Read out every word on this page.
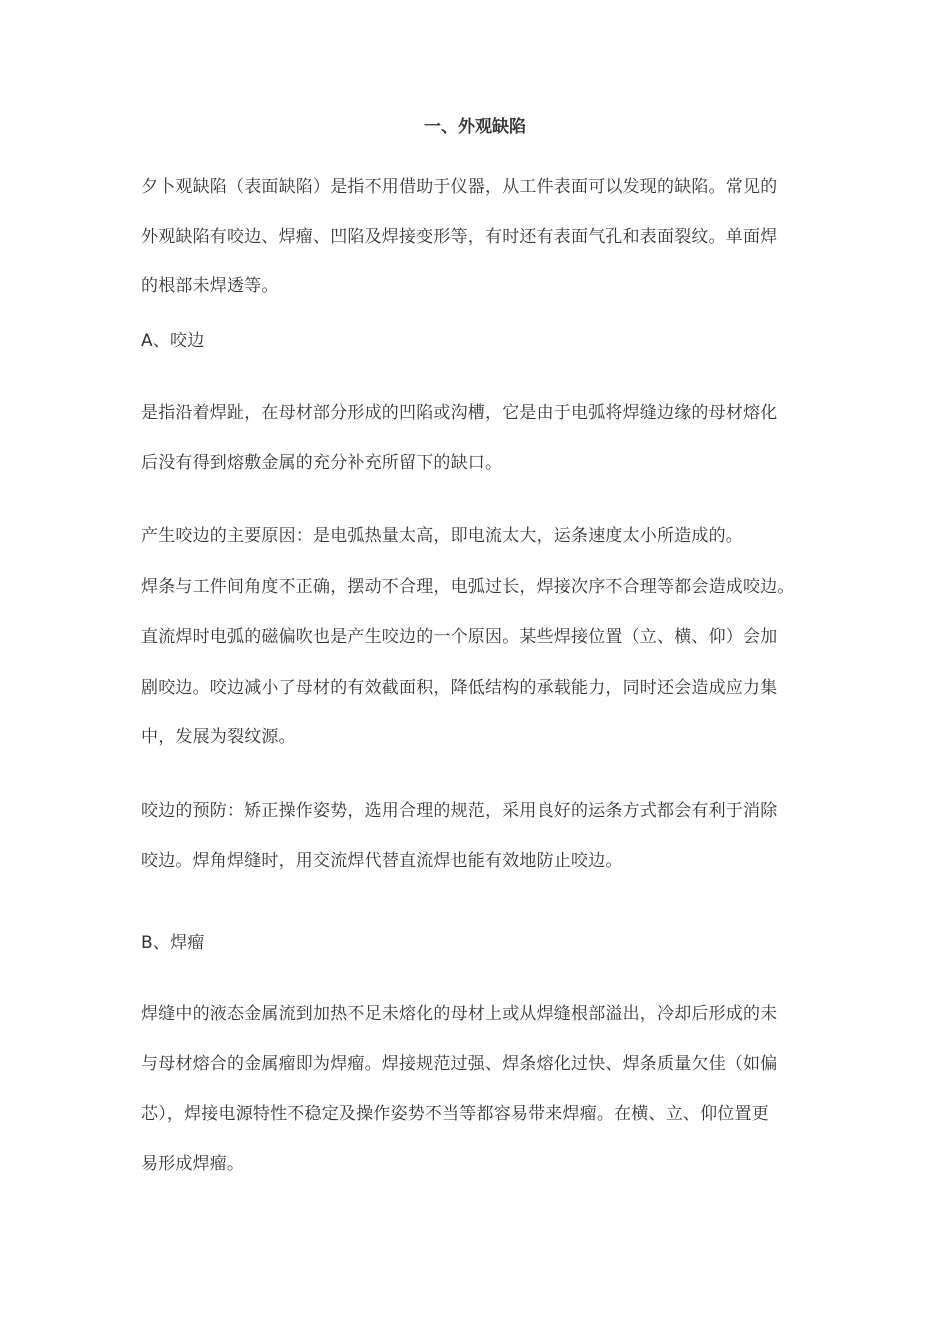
一、外观缺陷
夕卜观缺陷（表面缺陷）是指不用借助于仪器，从工件表面可以发现的缺陷。常见的
外观缺陷有咬边、焊瘤、凹陷及焊接变形等，有时还有表面气孔和表面裂纹。单面焊
的根部未焊透等。
A、咬边
是指沿着焊趾，在母材部分形成的凹陷或沟槽，它是由于电弧将焊缝边缘的母材熔化
后没有得到熔敷金属的充分补充所留下的缺口。
产生咬边的主要原因：是电弧热量太高，即电流太大，运条速度太小所造成的。
焊条与工件间角度不正确，摆动不合理，电弧过长，焊接次序不合理等都会造成咬边。
直流焊时电弧的磁偏吹也是产生咬边的一个原因。某些焊接位置（立、横、仰）会加
剧咬边。咬边减小了母材的有效截面积，降低结构的承载能力，同时还会造成应力集
中，发展为裂纹源。
咬边的预防：矫正操作姿势，选用合理的规范，采用良好的运条方式都会有利于消除
咬边。焊角焊缝时，用交流焊代替直流焊也能有效地防止咬边。
B、焊瘤
焊缝中的液态金属流到加热不足未熔化的母材上或从焊缝根部溢出，冷却后形成的未
与母材熔合的金属瘤即为焊瘤。焊接规范过强、焊条熔化过快、焊条质量欠佳（如偏
芯），焊接电源特性不稳定及操作姿势不当等都容易带来焊瘤。在横、立、仰位置更
易形成焊瘤。
